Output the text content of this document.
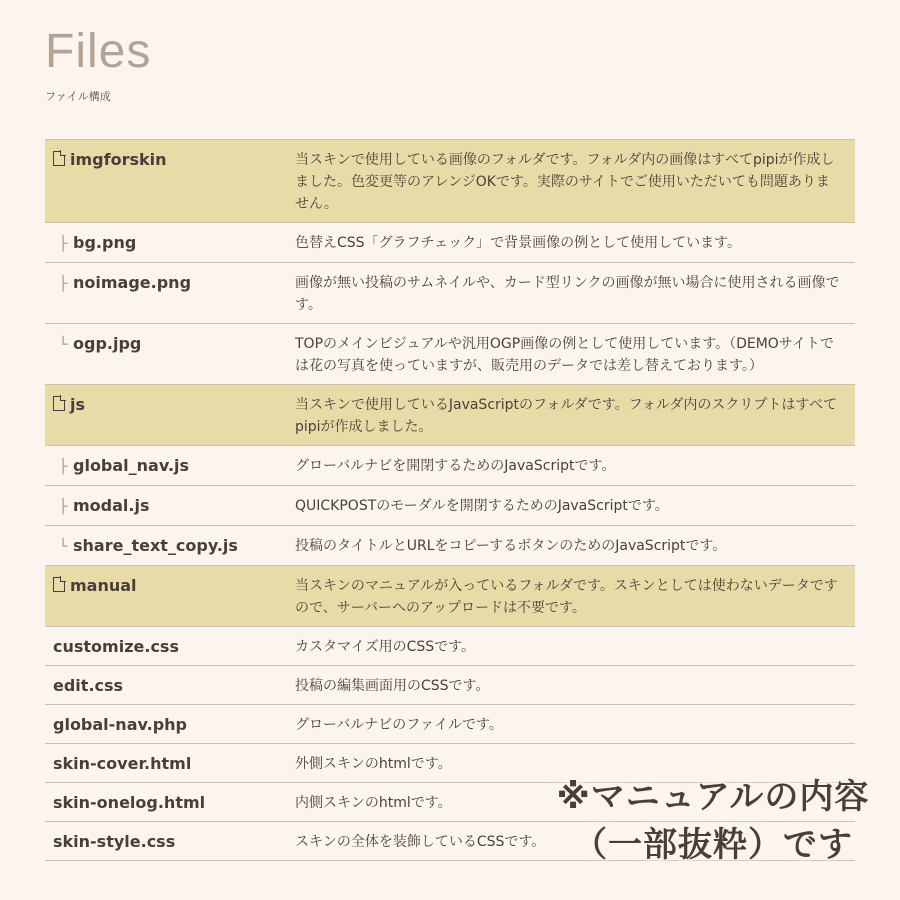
Files
ファイル構成
imgforskin	当スキンで使用している画像のフォルダです。フォルダ内の画像はすべてpipiが作成しました。色変更等のアレンジOKです。実際のサイトでご使用いただいても問題ありません。
├ bg.png	色替えCSS「グラフチェック」で背景画像の例として使用しています。
├ noimage.png	画像が無い投稿のサムネイルや、カード型リンクの画像が無い場合に使用される画像です。
└ ogp.jpg	TOPのメインビジュアルや汎用OGP画像の例として使用しています。（DEMOサイトでは花の写真を使っていますが、販売用のデータでは差し替えております。）
js	当スキンで使用しているJavaScriptのフォルダです。フォルダ内のスクリプトはすべてpipiが作成しました。
├ global_nav.js	グローバルナビを開閉するためのJavaScriptです。
├ modal.js	QUICKPOSTのモーダルを開閉するためのJavaScriptです。
└ share_text_copy.js	投稿のタイトルとURLをコピーするボタンのためのJavaScriptです。
manual	当スキンのマニュアルが入っているフォルダです。スキンとしては使わないデータですので、サーバーへのアップロードは不要です。
customize.css	カスタマイズ用のCSSです。
edit.css	投稿の編集画面用のCSSです。
global-nav.php	グローバルナビのファイルです。
skin-cover.html	外側スキンのhtmlです。
skin-onelog.html	内側スキンのhtmlです。
skin-style.css	スキンの全体を装飾しているCSSです。
※マニュアルの内容
（一部抜粋）です
